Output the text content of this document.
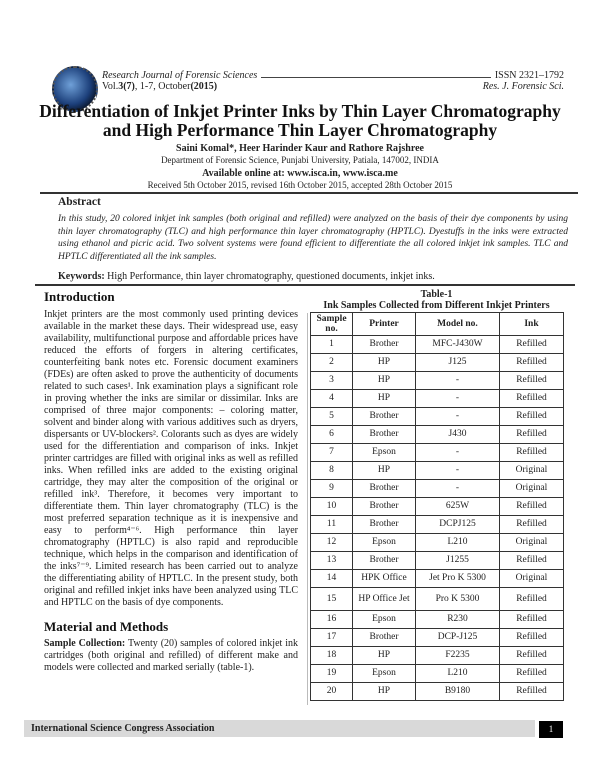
Research Journal of Forensic Sciences	ISSN 2321–1792
Vol. 3(7) , 1-7, October (2015)	Res. J. Forensic Sci.
Differentiation of Inkjet Printer Inks by Thin Layer Chromatography and High Performance Thin Layer Chromatography
Saini Komal*, Heer Harinder Kaur and Rathore Rajshree
Department of Forensic Science, Punjabi University, Patiala, 147002, INDIA
Available online at: www.isca.in, www.isca.me
Received 5th October 2015, revised 16th October 2015, accepted 28th October 2015
Abstract
In this study, 20 colored inkjet ink samples (both original and refilled) were analyzed on the basis of their dye components by using thin layer chromatography (TLC) and high performance thin layer chromatography (HPTLC). Dyestuffs in the inks were extracted using ethanol and picric acid. Two solvent systems were found efficient to differentiate the all colored inkjet ink samples. TLC and HPTLC differentiated all the ink samples.
Keywords: High Performance, thin layer chromatography, questioned documents, inkjet inks.
Introduction
Inkjet printers are the most commonly used printing devices available in the market these days. Their widespread use, easy availability, multifunctional purpose and affordable prices have reduced the efforts of forgers in altering certificates, counterfeiting bank notes etc. Forensic document examiners (FDEs) are often asked to prove the authenticity of documents related to such cases¹. Ink examination plays a significant role in proving whether the inks are similar or dissimilar. Inks are comprised of three major components: – coloring matter, solvent and binder along with various additives such as dryers, dispersants or UV-blockers². Colorants such as dyes are widely used for the differentiation and comparison of inks. Inkjet printer cartridges are filled with original inks as well as refilled inks. When refilled inks are added to the existing original cartridge, they may alter the composition of the original or refilled ink³. Therefore, it becomes very important to differentiate them. Thin layer chromatography (TLC) is the most preferred separation technique as it is inexpensive and easy to perform⁴⁻⁶. High performance thin layer chromatography (HPTLC) is also rapid and reproducible technique, which helps in the comparison and identification of the inks⁷⁻⁹. Limited research has been carried out to analyze the differentiating ability of HPTLC. In the present study, both original and refilled inkjet inks have been analyzed using TLC and HPTLC on the basis of dye components.
Material and Methods
Sample Collection: Twenty (20) samples of colored inkjet ink cartridges (both original and refilled) of different make and models were collected and marked serially (table-1).
Table-1
Ink Samples Collected from Different Inkjet Printers
Sample no.	Printer	Model no.	Ink
1	Brother	MFC-J430W	Refilled
2	HP	J125	Refilled
3	HP	-	Refilled
4	HP	-	Refilled
5	Brother	-	Refilled
6	Brother	J430	Refilled
7	Epson	-	Refilled
8	HP	-	Original
9	Brother	-	Original
10	Brother	625W	Refilled
11	Brother	DCPJ125	Refilled
12	Epson	L210	Original
13	Brother	J1255	Refilled
14	HPK Office	Jet Pro K 5300	Original
15	HP Office Jet	Pro K 5300	Refilled
16	Epson	R230	Refilled
17	Brother	DCP-J125	Refilled
18	HP	F2235	Refilled
19	Epson	L210	Refilled
20	HP	B9180	Refilled
International Science Congress Association	1
